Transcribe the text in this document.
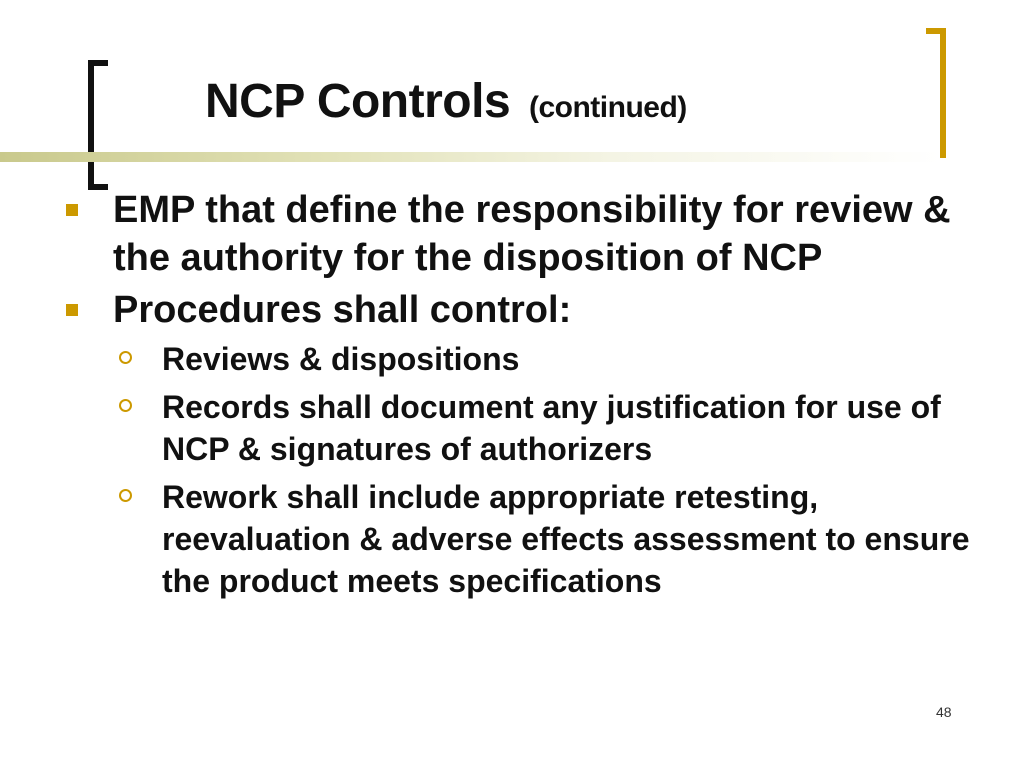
NCP Controls (continued)
EMP that define the responsibility for review & the authority for the disposition of NCP
Procedures shall control:
Reviews & dispositions
Records shall document any justification for use of NCP & signatures of authorizers
Rework shall include appropriate retesting, reevaluation & adverse effects assessment to ensure the product meets specifications
48
